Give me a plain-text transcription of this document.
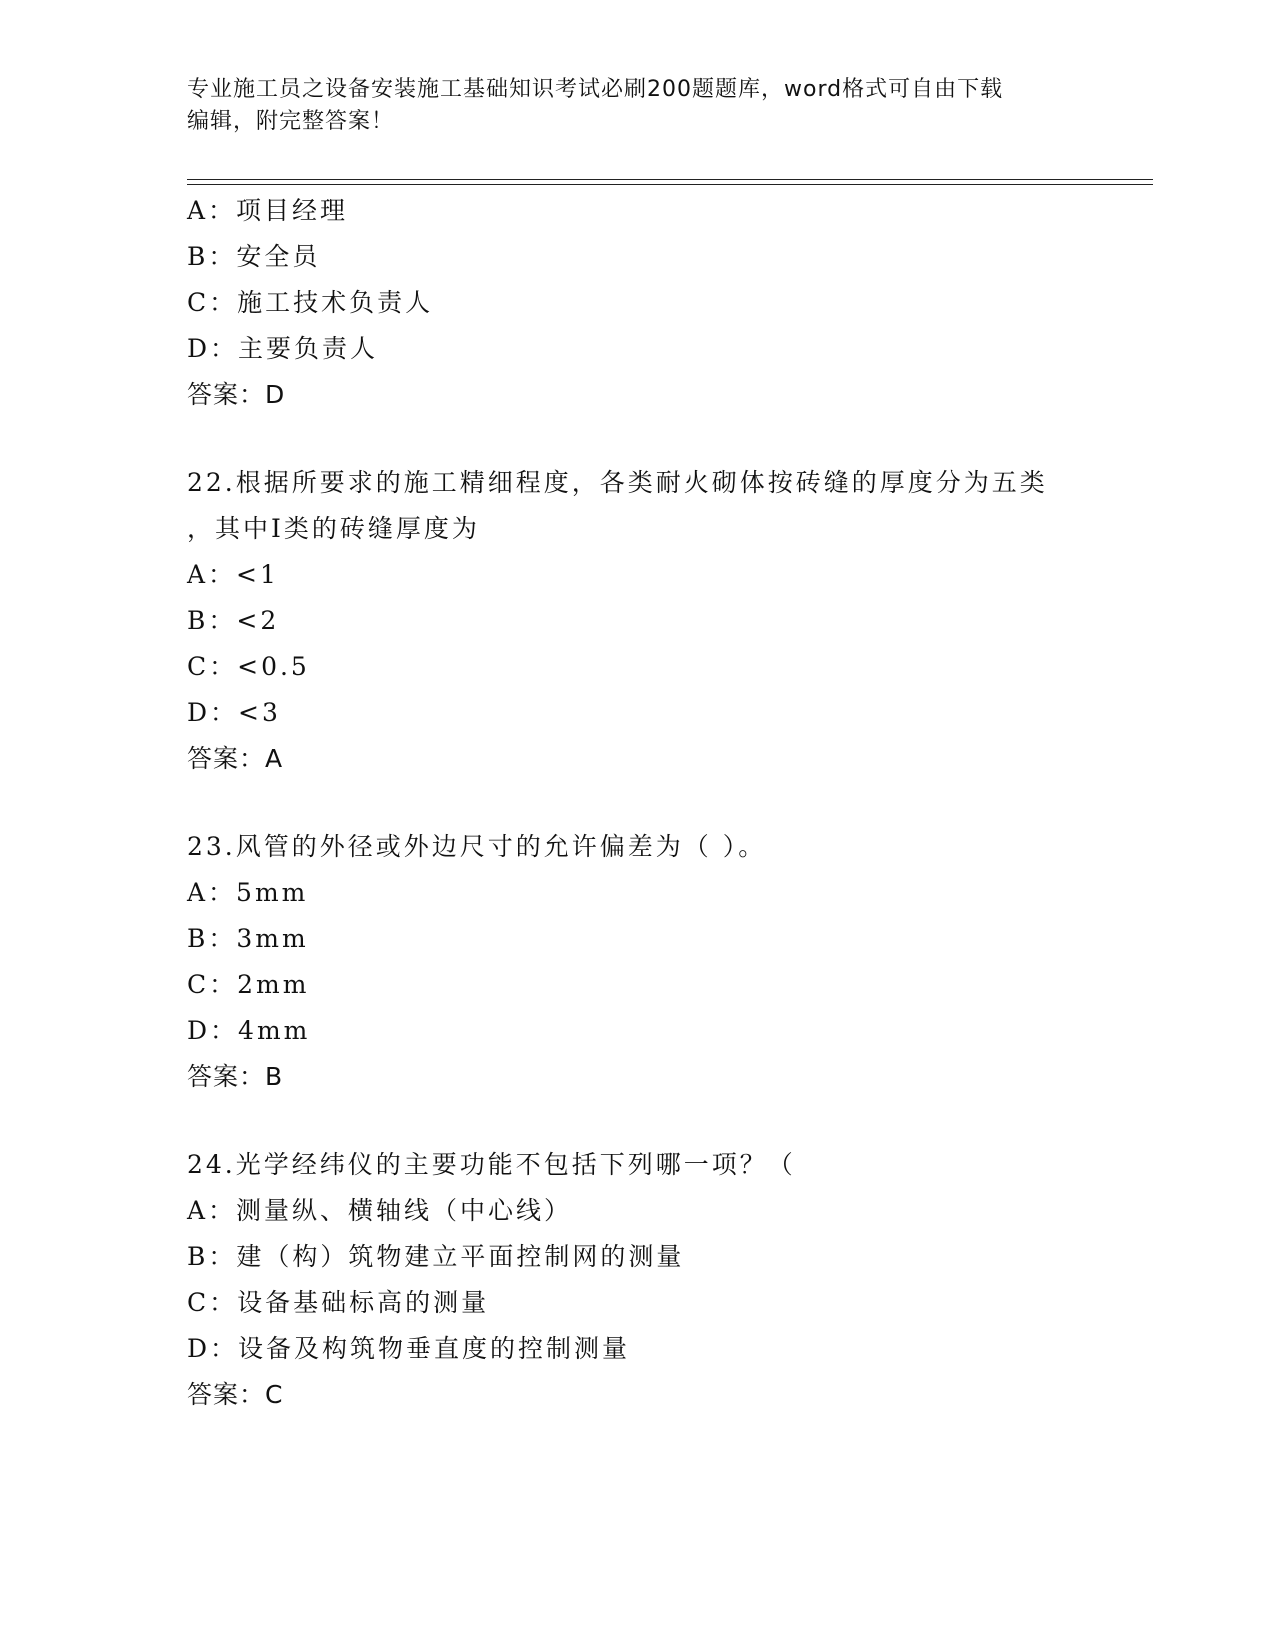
专业施工员之设备安装施工基础知识考试必刷200题题库，word格式可自由下载
编辑，附完整答案！
A：项目经理
B：安全员
C：施工技术负责人
D：主要负责人
答案：D
22.根据所要求的施工精细程度，各类耐火砌体按砖缝的厚度分为五类
，其中Ⅰ类的砖缝厚度为
A：<1
B：<2
C：<0.5
D：<3
答案：A
23.风管的外径或外边尺寸的允许偏差为（ ）。
A：5mm
B：3mm
C：2mm
D：4mm
答案：B
24.光学经纬仪的主要功能不包括下列哪一项？（
A：测量纵、横轴线（中心线）
B：建（构）筑物建立平面控制网的测量
C：设备基础标高的测量
D：设备及构筑物垂直度的控制测量
答案：C
